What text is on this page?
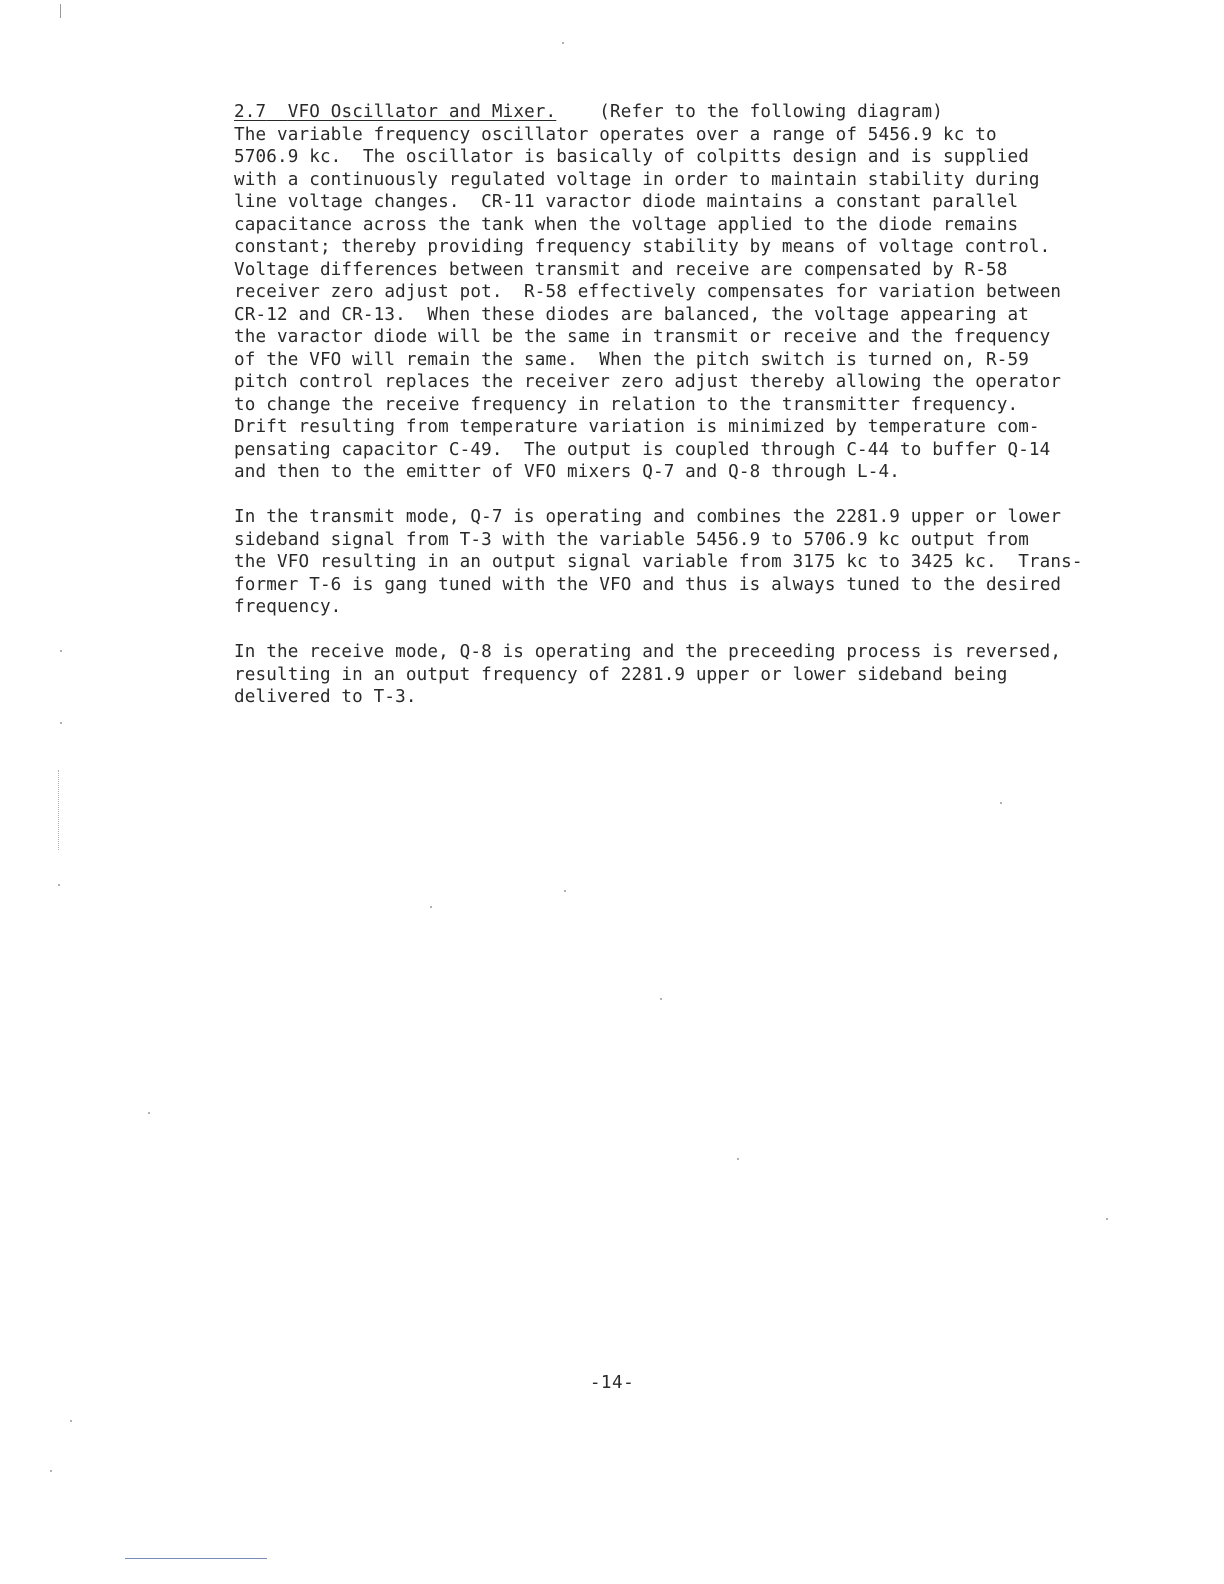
2.7 VFO Oscillator and Mixer. (Refer to the following diagram)
The variable frequency oscillator operates over a range of 5456.9 kc to
5706.9 kc.  The oscillator is basically of colpitts design and is supplied
with a continuously regulated voltage in order to maintain stability during
line voltage changes.  CR-11 varactor diode maintains a constant parallel
capacitance across the tank when the voltage applied to the diode remains
constant; thereby providing frequency stability by means of voltage control.
Voltage differences between transmit and receive are compensated by R-58
receiver zero adjust pot.  R-58 effectively compensates for variation between
CR-12 and CR-13.  When these diodes are balanced, the voltage appearing at
the varactor diode will be the same in transmit or receive and the frequency
of the VFO will remain the same.  When the pitch switch is turned on, R-59
pitch control replaces the receiver zero adjust thereby allowing the operator
to change the receive frequency in relation to the transmitter frequency.
Drift resulting from temperature variation is minimized by temperature com-
pensating capacitor C-49.  The output is coupled through C-44 to buffer Q-14
and then to the emitter of VFO mixers Q-7 and Q-8 through L-4.
In the transmit mode, Q-7 is operating and combines the 2281.9 upper or lower
sideband signal from T-3 with the variable 5456.9 to 5706.9 kc output from
the VFO resulting in an output signal variable from 3175 kc to 3425 kc.  Trans-
former T-6 is gang tuned with the VFO and thus is always tuned to the desired
frequency.
In the receive mode, Q-8 is operating and the preceeding process is reversed,
resulting in an output frequency of 2281.9 upper or lower sideband being
delivered to T-3.
-14-
